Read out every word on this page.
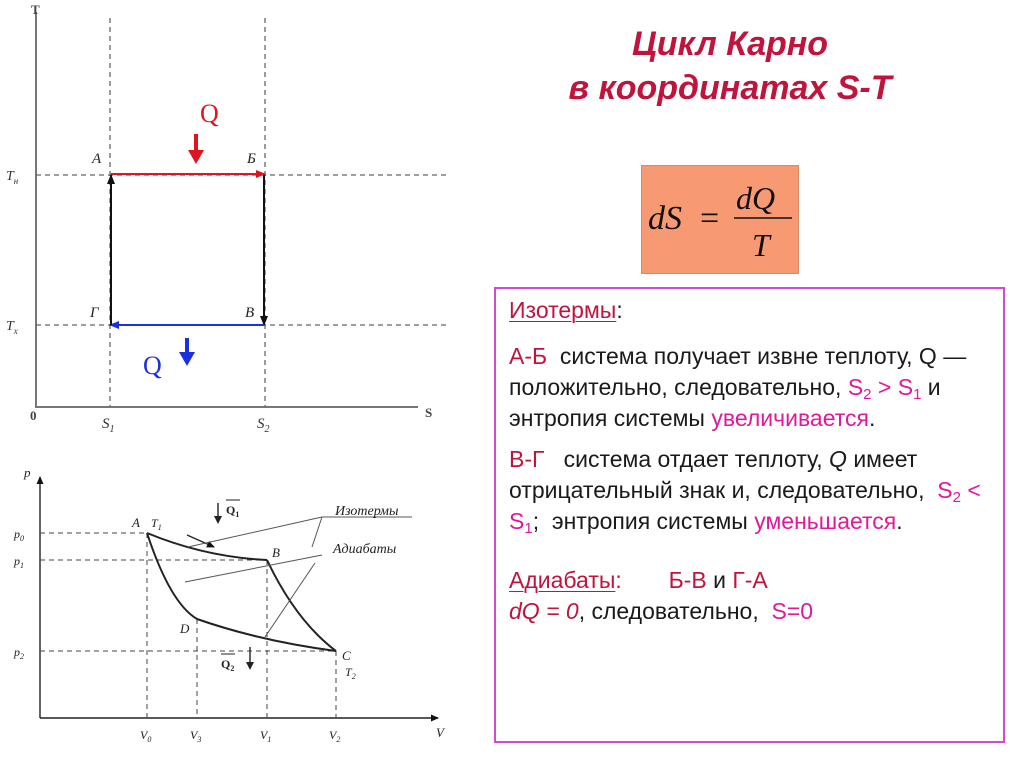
T
S
0
$T_н$
$T_х$
$S_1$	$S_2$
А	Б
В
Г
Q
Q
p
V
$p_0$
$p_1$
$p_2$
$V_0$	$V_3$	$V_1$	$V_2$
Изотермы
Адиабаты
A $T_1$
B
C
$T_2$
D
$Q_1$
$Q_2$
Цикл Карно
в координатах S-T
dS =
dQ
T

Изотермы:

А-Б система получает извне теплоту, Q — положительно, следовательно, $S_2 > S_1$ и энтропия системы увеличивается.

В-Г система отдает теплоту, Q имеет отрицательный знак и, следовательно, $S_2 < S_1$; энтропия системы уменьшается.

Адиабаты: Б-В и Г-А

dQ = 0, следовательно, S=0
